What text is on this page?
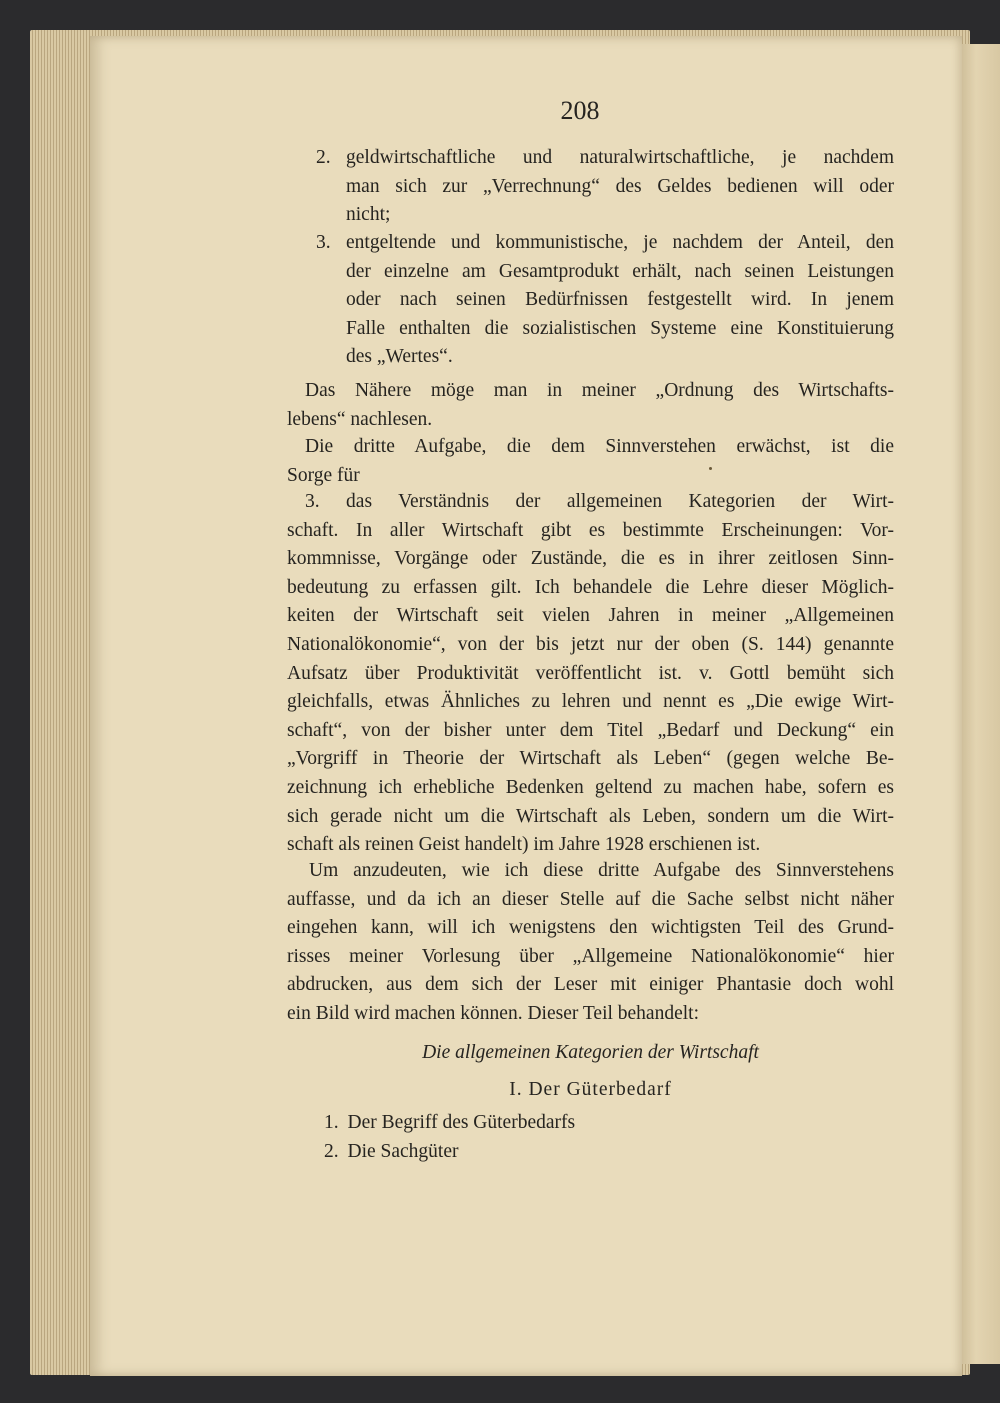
208
2. geldwirtschaftliche und naturalwirtschaftliche, je nachdem
man sich zur „Verrechnung“ des Geldes bedienen will oder
nicht;
3. entgeltende und kommunistische, je nachdem der Anteil, den
der einzelne am Gesamtprodukt erhält, nach seinen Leistungen
oder nach seinen Bedürfnissen festgestellt wird. In jenem
Falle enthalten die sozialistischen Systeme eine Konstituierung
des „Wertes“.
Das Nähere möge man in meiner „Ordnung des Wirtschafts-
lebens“ nachlesen.
Die dritte Aufgabe, die dem Sinnverstehen erwächst, ist die
Sorge für
3. das Verständnis der allgemeinen Kategorien der Wirt-
schaft. In aller Wirtschaft gibt es bestimmte Erscheinungen: Vor-
kommnisse, Vorgänge oder Zustände, die es in ihrer zeitlosen Sinn-
bedeutung zu erfassen gilt. Ich behandele die Lehre dieser Möglich-
keiten der Wirtschaft seit vielen Jahren in meiner „Allgemeinen
Nationalökonomie“, von der bis jetzt nur der oben (S. 144) genannte
Aufsatz über Produktivität veröffentlicht ist. v. Gottl bemüht sich
gleichfalls, etwas Ähnliches zu lehren und nennt es „Die ewige Wirt-
schaft“, von der bisher unter dem Titel „Bedarf und Deckung“ ein
„Vorgriff in Theorie der Wirtschaft als Leben“ (gegen welche Be-
zeichnung ich erhebliche Bedenken geltend zu machen habe, sofern es
sich gerade nicht um die Wirtschaft als Leben, sondern um die Wirt-
schaft als reinen Geist handelt) im Jahre 1928 erschienen ist.
Um anzudeuten, wie ich diese dritte Aufgabe des Sinnverstehens
auffasse, und da ich an dieser Stelle auf die Sache selbst nicht näher
eingehen kann, will ich wenigstens den wichtigsten Teil des Grund-
risses meiner Vorlesung über „Allgemeine Nationalökonomie“ hier
abdrucken, aus dem sich der Leser mit einiger Phantasie doch wohl
ein Bild wird machen können. Dieser Teil behandelt:
Die allgemeinen Kategorien der Wirtschaft
I. Der Güterbedarf
1. Der Begriff des Güterbedarfs
2. Die Sachgüter
